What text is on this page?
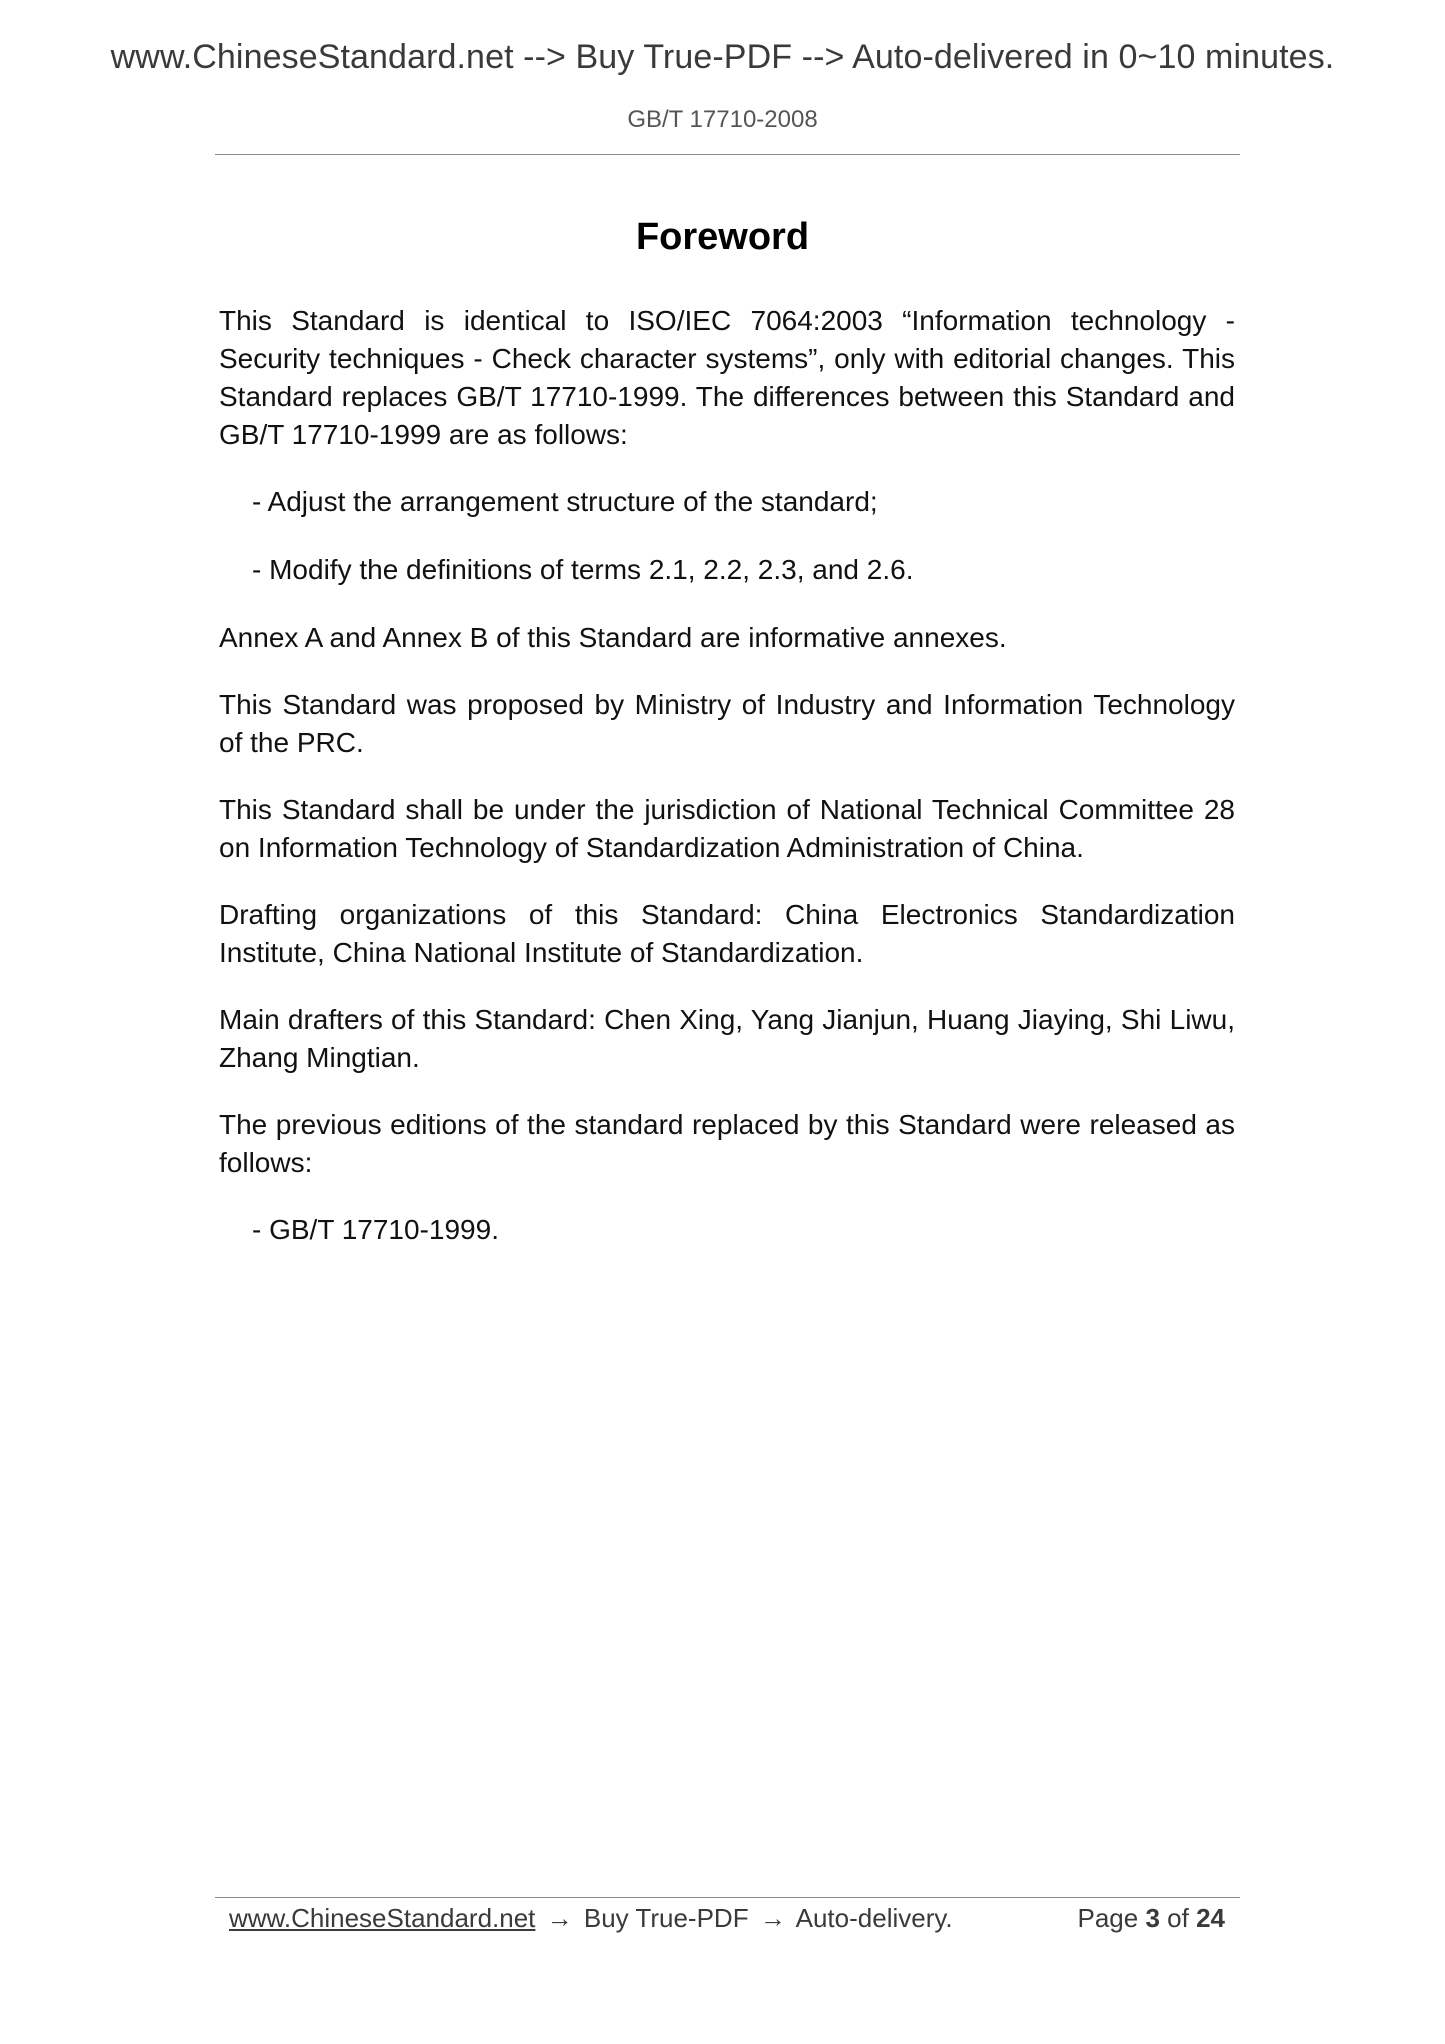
www.ChineseStandard.net --> Buy True-PDF --> Auto-delivered in 0~10 minutes.
GB/T 17710-2008
Foreword

This Standard is identical to ISO/IEC 7064:2003 “Information technology - Security techniques - Check character systems”, only with editorial changes. This Standard replaces GB/T 17710-1999. The differences between this Standard and GB/T 17710-1999 are as follows:

- Adjust the arrangement structure of the standard;

- Modify the definitions of terms 2.1, 2.2, 2.3, and 2.6.

Annex A and Annex B of this Standard are informative annexes.

This Standard was proposed by Ministry of Industry and Information Technology of the PRC.

This Standard shall be under the jurisdiction of National Technical Committee 28 on Information Technology of Standardization Administration of China.

Drafting organizations of this Standard: China Electronics Standardization Institute, China National Institute of Standardization.

Main drafters of this Standard: Chen Xing, Yang Jianjun, Huang Jiaying, Shi Liwu, Zhang Mingtian.

The previous editions of the standard replaced by this Standard were released as follows:

- GB/T 17710-1999.

www.ChineseStandard.net → Buy True-PDF → Auto-delivery.	Page 3 of 24
